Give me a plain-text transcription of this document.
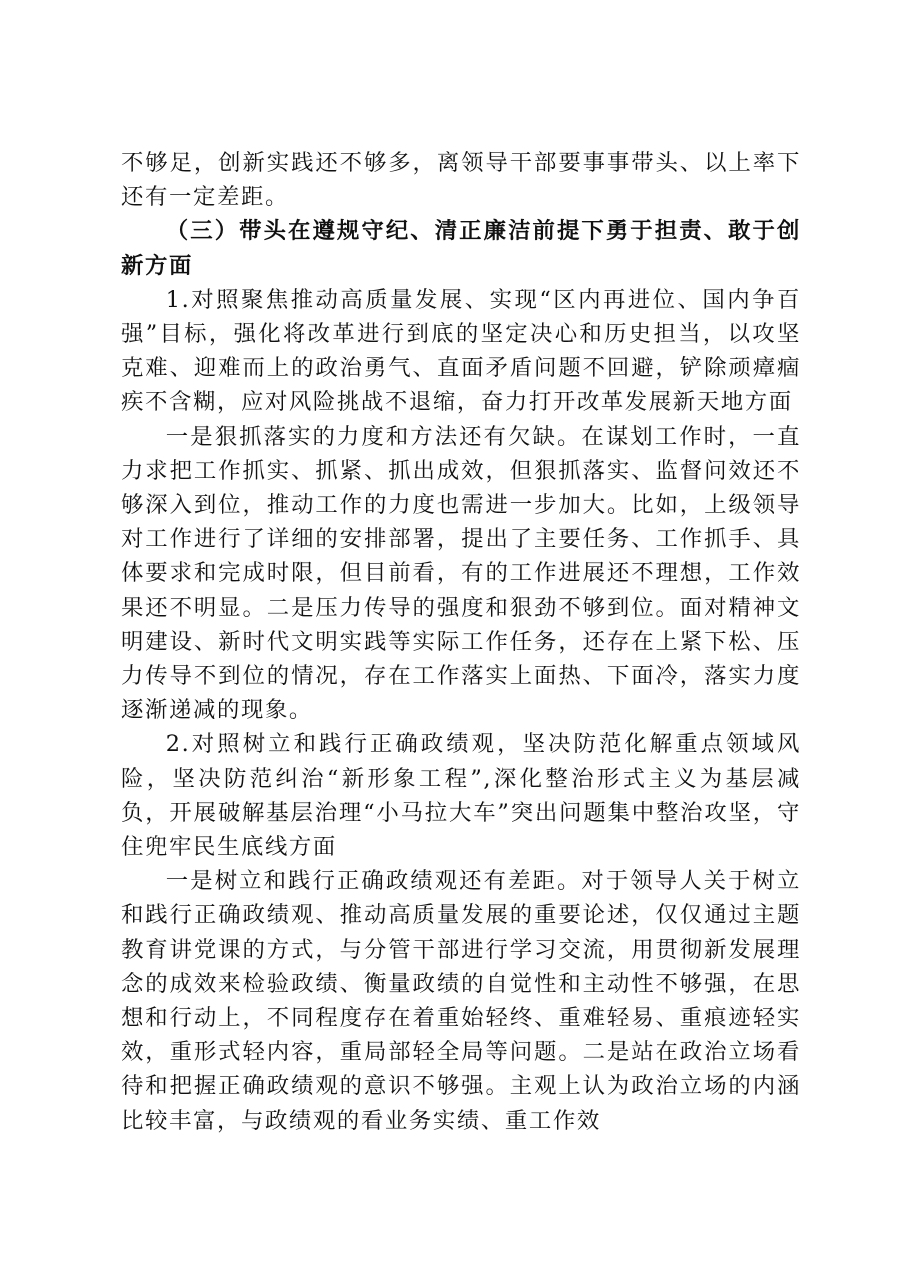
不够足，创新实践还不够多，离领导干部要事事带头、以上率下还有一定差距。

（三）带头在遵规守纪、清正廉洁前提下勇于担责、敢于创新方面

1.对照聚焦推动高质量发展、实现“区内再进位、国内争百强”目标，强化将改革进行到底的坚定决心和历史担当，以攻坚克难、迎难而上的政治勇气、直面矛盾问题不回避，铲除顽瘴痼疾不含糊，应对风险挑战不退缩，奋力打开改革发展新天地方面

一是狠抓落实的力度和方法还有欠缺。在谋划工作时，一直力求把工作抓实、抓紧、抓出成效，但狠抓落实、监督问效还不够深入到位，推动工作的力度也需进一步加大。比如，上级领导对工作进行了详细的安排部署，提出了主要任务、工作抓手、具体要求和完成时限，但目前看，有的工作进展还不理想，工作效果还不明显。二是压力传导的强度和狠劲不够到位。面对精神文明建设、新时代文明实践等实际工作任务，还存在上紧下松、压力传导不到位的情况，存在工作落实上面热、下面冷，落实力度逐渐递减的现象。

2.对照树立和践行正确政绩观，坚决防范化解重点领域风险，坚决防范纠治“新形象工程”,深化整治形式主义为基层减负，开展破解基层治理“小马拉大车”突出问题集中整治攻坚，守住兜牢民生底线方面

一是树立和践行正确政绩观还有差距。对于领导人关于树立和践行正确政绩观、推动高质量发展的重要论述，仅仅通过主题教育讲党课的方式，与分管干部进行学习交流，用贯彻新发展理念的成效来检验政绩、衡量政绩的自觉性和主动性不够强，在思想和行动上，不同程度存在着重始轻终、重难轻易、重痕迹轻实效，重形式轻内容，重局部轻全局等问题。二是站在政治立场看待和把握正确政绩观的意识不够强。主观上认为政治立场的内涵比较丰富，与政绩观的看业务实绩、重工作效
